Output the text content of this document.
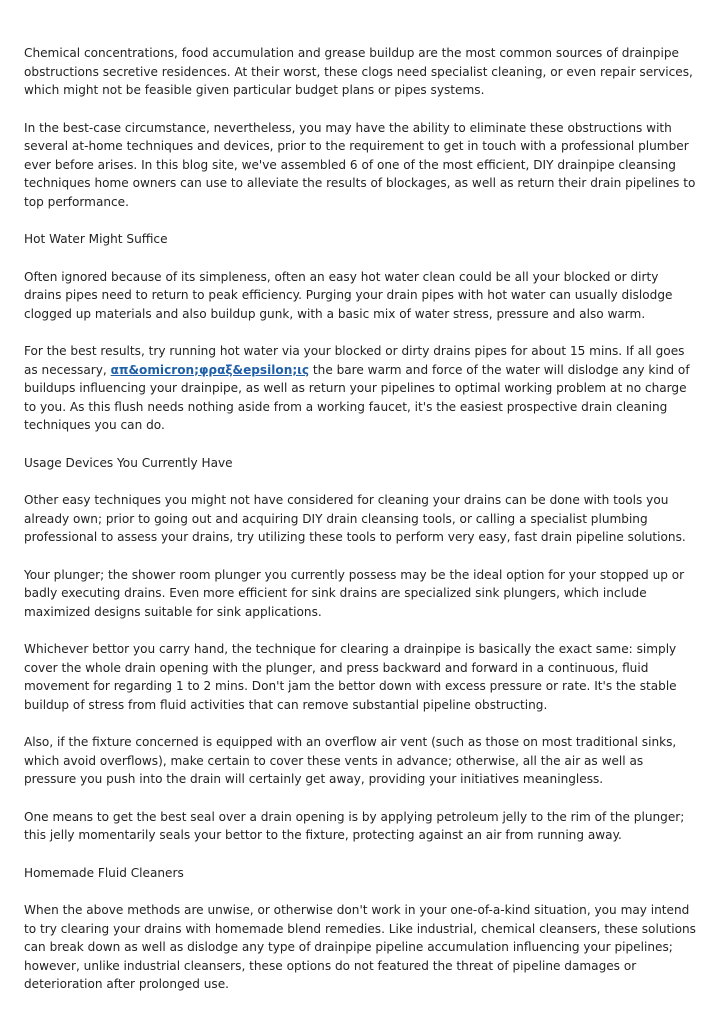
Chemical concentrations, food accumulation and grease buildup are the most common sources of drainpipe obstructions secretive residences. At their worst, these clogs need specialist cleaning, or even repair services, which might not be feasible given particular budget plans or pipes systems.

In the best-case circumstance, nevertheless, you may have the ability to eliminate these obstructions with several at-home techniques and devices, prior to the requirement to get in touch with a professional plumber ever before arises. In this blog site, we've assembled 6 of one of the most efficient, DIY drainpipe cleansing techniques home owners can use to alleviate the results of blockages, as well as return their drain pipelines to top performance.

Hot Water Might Suffice

Often ignored because of its simpleness, often an easy hot water clean could be all your blocked or dirty drains pipes need to return to peak efficiency. Purging your drain pipes with hot water can usually dislodge clogged up materials and also buildup gunk, with a basic mix of water stress, pressure and also warm.

For the best results, try running hot water via your blocked or dirty drains pipes for about 15 mins. If all goes as necessary, απ&omicron;φραξ&epsilon;ις the bare warm and force of the water will dislodge any kind of buildups influencing your drainpipe, as well as return your pipelines to optimal working problem at no charge to you. As this flush needs nothing aside from a working faucet, it's the easiest prospective drain cleaning techniques you can do.

Usage Devices You Currently Have

Other easy techniques you might not have considered for cleaning your drains can be done with tools you already own; prior to going out and acquiring DIY drain cleansing tools, or calling a specialist plumbing professional to assess your drains, try utilizing these tools to perform very easy, fast drain pipeline solutions.

Your plunger; the shower room plunger you currently possess may be the ideal option for your stopped up or badly executing drains. Even more efficient for sink drains are specialized sink plungers, which include maximized designs suitable for sink applications.

Whichever bettor you carry hand, the technique for clearing a drainpipe is basically the exact same: simply cover the whole drain opening with the plunger, and press backward and forward in a continuous, fluid movement for regarding 1 to 2 mins. Don't jam the bettor down with excess pressure or rate. It's the stable buildup of stress from fluid activities that can remove substantial pipeline obstructing.

Also, if the fixture concerned is equipped with an overflow air vent (such as those on most traditional sinks, which avoid overflows), make certain to cover these vents in advance; otherwise, all the air as well as pressure you push into the drain will certainly get away, providing your initiatives meaningless.

One means to get the best seal over a drain opening is by applying petroleum jelly to the rim of the plunger; this jelly momentarily seals your bettor to the fixture, protecting against an air from running away.

Homemade Fluid Cleaners

When the above methods are unwise, or otherwise don't work in your one-of-a-kind situation, you may intend to try clearing your drains with homemade blend remedies. Like industrial, chemical cleansers, these solutions can break down as well as dislodge any type of drainpipe pipeline accumulation influencing your pipelines; however, unlike industrial cleansers, these options do not featured the threat of pipeline damages or deterioration after prolonged use.
